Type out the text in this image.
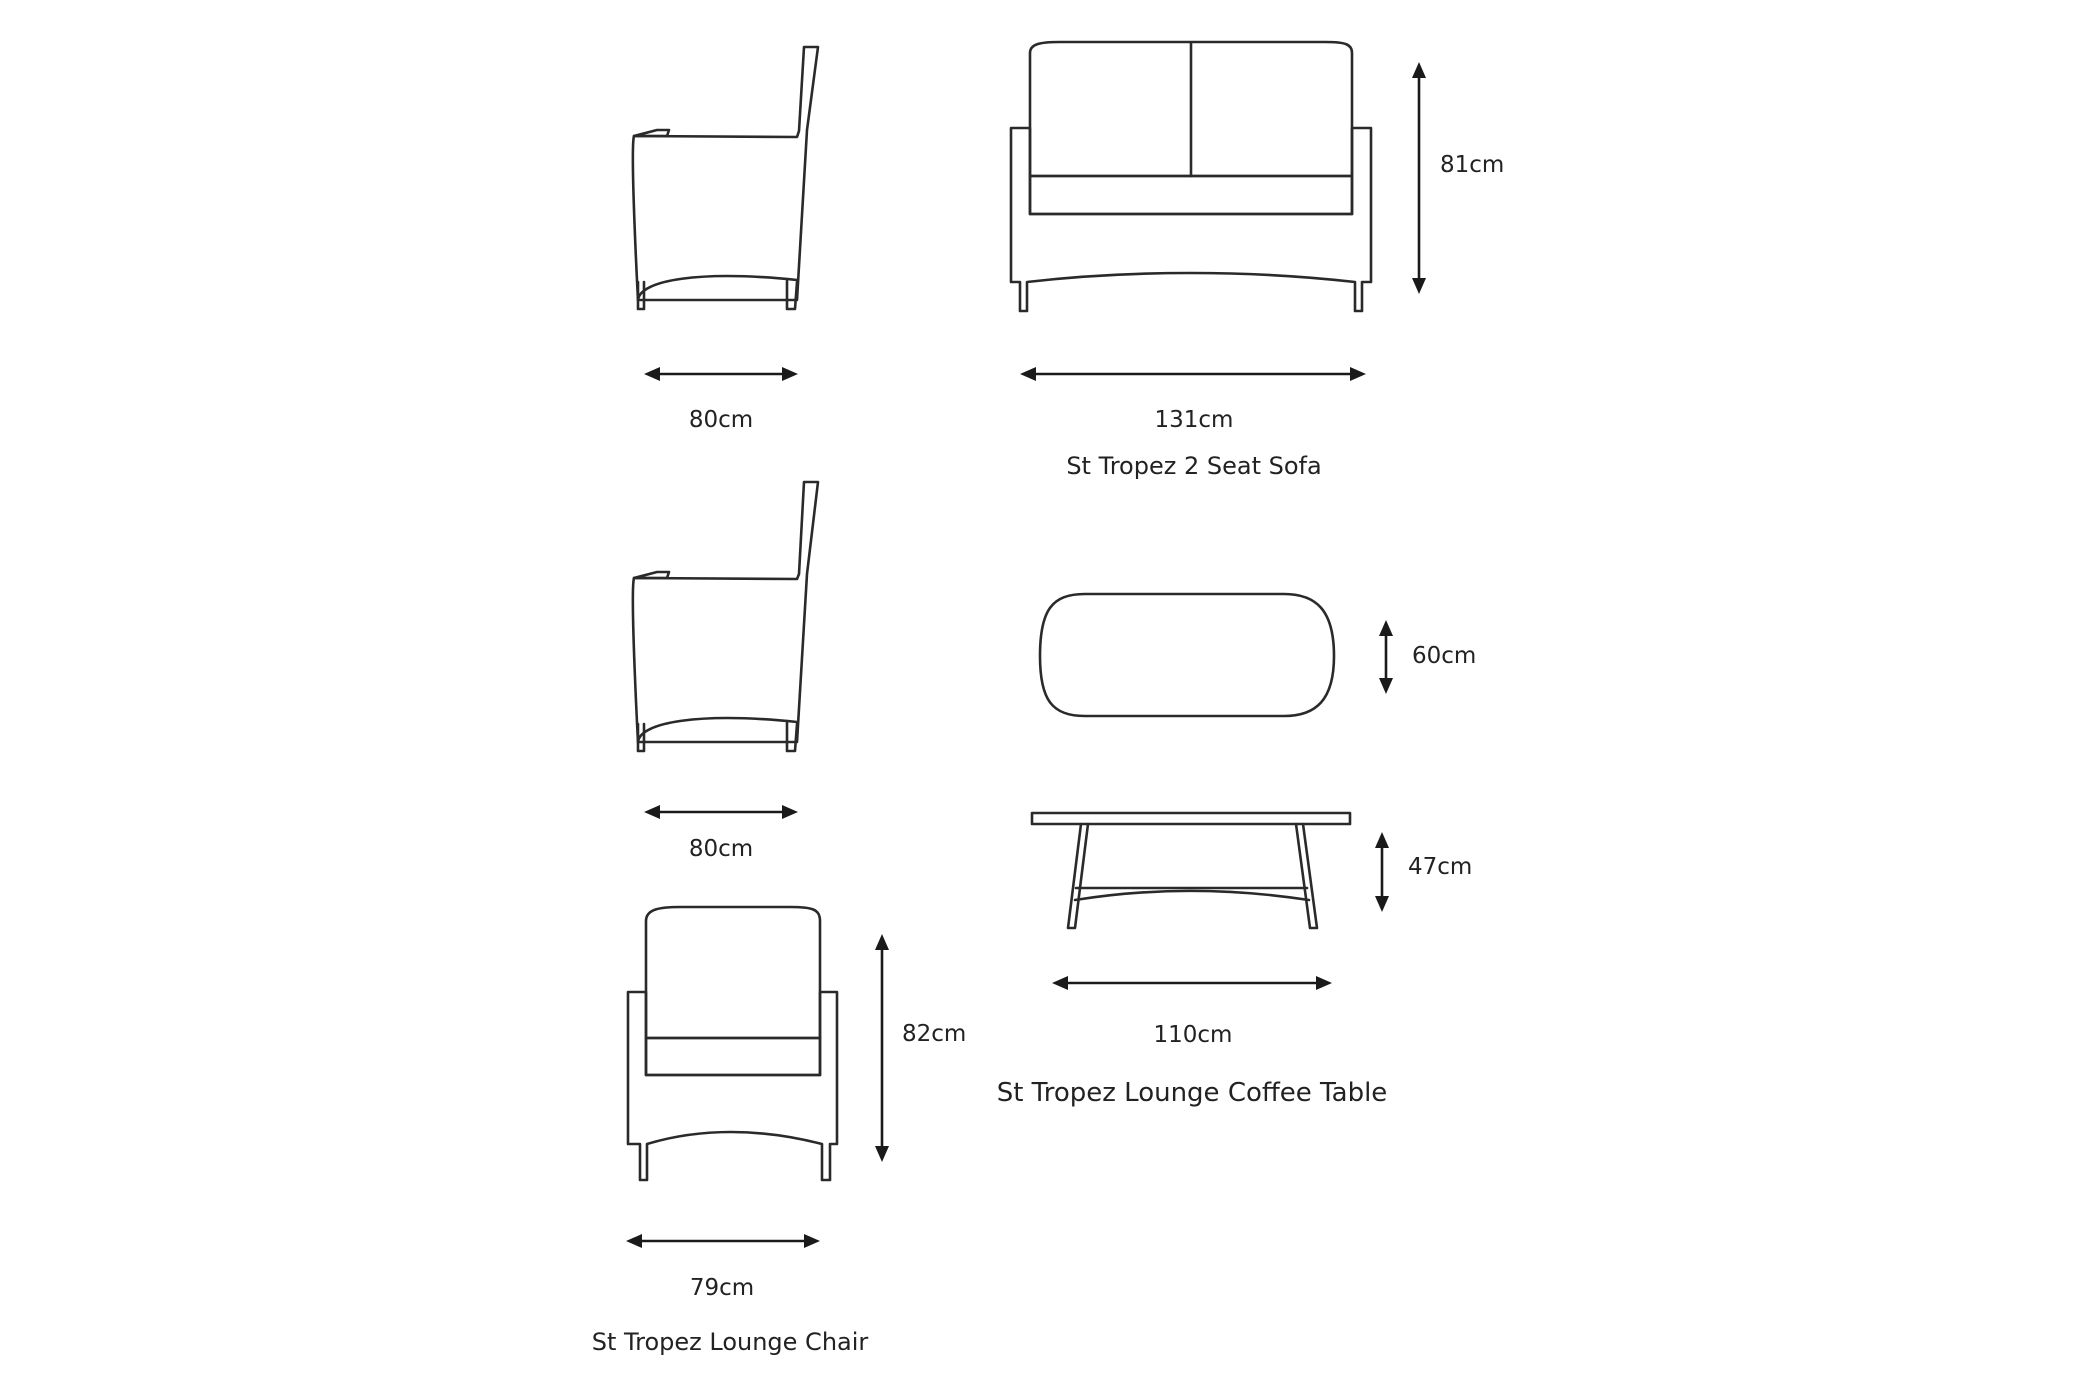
81cm
131cm
St Tropez 2 Seat Sofa
80cm
80cm
60cm
47cm
110cm
St Tropez Lounge Coffee Table
82cm
79cm
St Tropez Lounge Chair
